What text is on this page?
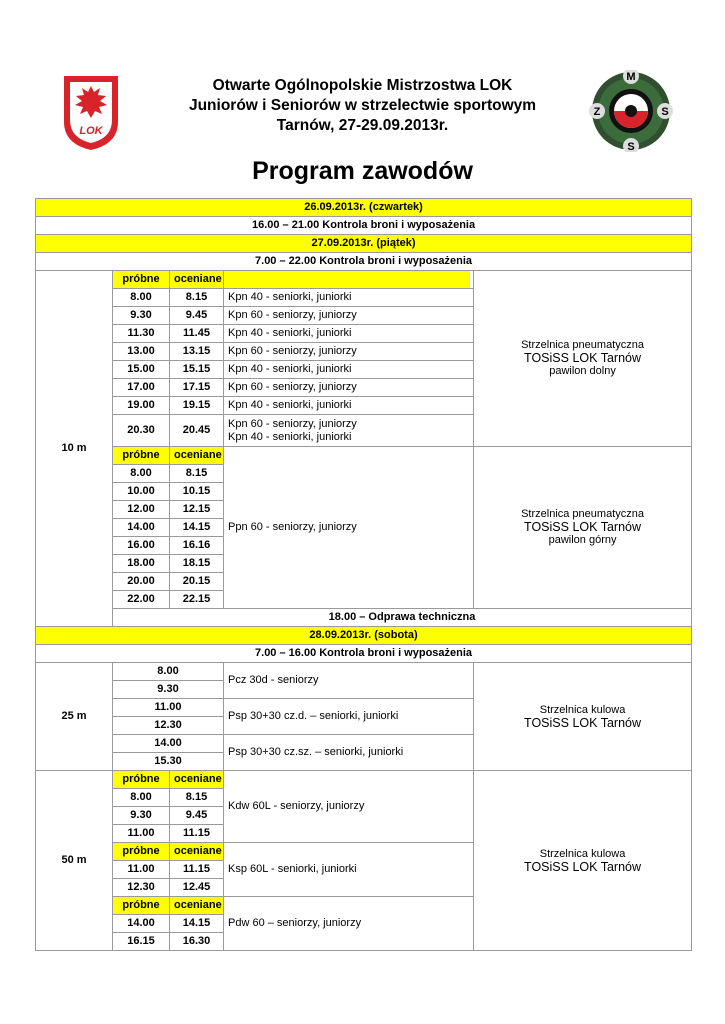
LOK
M
S
S
Z
Otwarte Ogólnopolskie Mistrzostwa LOK
Juniorów i Seniorów w strzelectwie sportowym
Tarnów, 27-29.09.2013r.
Program zawodów
26.09.2013r. (czwartek)				
16.00 – 21.00 Kontrola broni i wyposażenia				
27.09.2013r. (piątek)				
7.00 – 22.00 Kontrola broni i wyposażenia				
10 m	próbne	oceniane		Strzelnica pneumatyczna
TOSiSS LOK Tarnów
pawilon dolny

	8.00	8.15	Kpn 40 - seniorki, juniorki	
	9.30	9.45	Kpn 60 - seniorzy, juniorzy	
	11.30	11.45	Kpn 40 - seniorki, juniorki	
	13.00	13.15	Kpn 60 - seniorzy, juniorzy	
	15.00	15.15	Kpn 40 - seniorki, juniorki	
	17.00	17.15	Kpn 60 - seniorzy, juniorzy	
	19.00	19.15	Kpn 40 - seniorki, juniorki	
	20.30	20.45	Kpn 60 - seniorzy, juniorzy
Kpn 40 - seniorki, juniorki	

	próbne	oceniane	Ppn 60 - seniorzy, juniorzy	Strzelnica pneumatyczna
TOSiSS LOK Tarnów
pawilon górny

	8.00	8.15		
	10.00	10.15		
	12.00	12.15		
	14.00	14.15		
	16.00	16.16		
	18.00	18.15		
	20.00	20.15		
	22.00	22.15		
	18.00 – Odprawa techniczna			
28.09.2013r. (sobota)				
7.00 – 16.00 Kontrola broni i wyposażenia				
25 m	8.00		Pcz 30d - seniorzy	Strzelnica kulowa
TOSiSS LOK Tarnów

	9.30			
	11.00		Psp 30+30 cz.d. – seniorki, juniorki	
	12.30			
	14.00		Psp 30+30 cz.sz. – seniorki, juniorki	
	15.30			
50 m	próbne	oceniane	Kdw 60L - seniorzy, juniorzy	Strzelnica kulowa
TOSiSS LOK Tarnów

	8.00	8.15		
	9.30	9.45		
	11.00	11.15		
	próbne	oceniane	Ksp 60L - seniorki, juniorki	
	11.00	11.15		
	12.30	12.45		
	próbne	oceniane	Pdw 60 – seniorzy, juniorzy	
	14.00	14.15		
	16.15	16.30		
